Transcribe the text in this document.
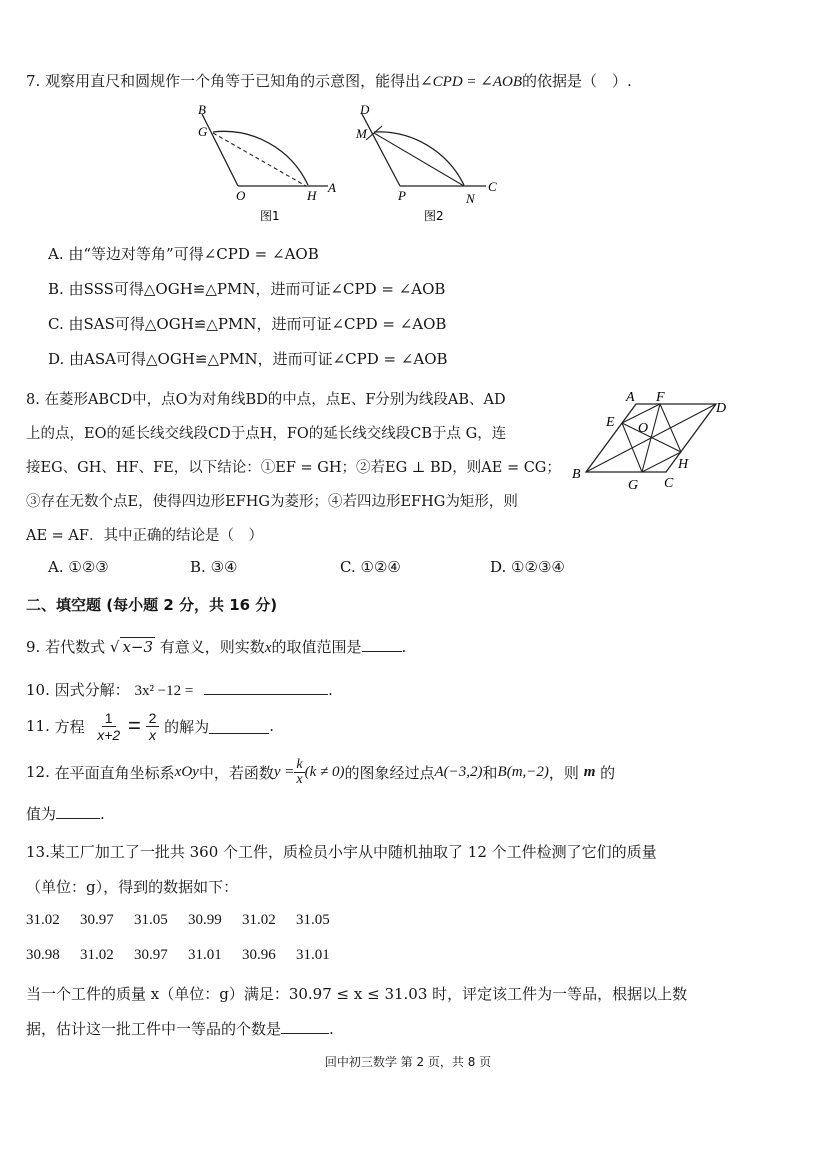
7. 观察用直尺和圆规作一个角等于已知角的示意图，能得出∠CPD = ∠AOB的依据是（　）.
B
G
O	H
A
图1
D
M
P	N
C
图2
A. 由“等边对等角”可得∠CPD = ∠AOB
B. 由SSS可得△OGH≌△PMN，进而可证∠CPD = ∠AOB
C. 由SAS可得△OGH≌△PMN，进而可证∠CPD = ∠AOB
D. 由ASA可得△OGH≌△PMN，进而可证∠CPD = ∠AOB
8. 在菱形ABCD中，点O为对角线BD的中点，点E、F分别为线段AB、AD
上的点，EO的延长线交线段CD于点H，FO的延长线交线段CB于点 G，连
接EG、GH、HF、FE，以下结论：①EF = GH；②若EG ⊥ BD，则AE = CG；
③存在无数个点E，使得四边形EFHG为菱形；④若四边形EFHG为矩形，则
AE = AF．其中正确的结论是（　）
A F
D
E O
B
H
G C
A. ①②③	B. ③④	C. ①②④	D. ①②③④
二、填空题 (每小题 2 分，共 16 分)
9. 若代数式 √ x−3 有意义，则实数x的取值范围是	.
10. 因式分解： 3x² −12 =	.
11.
方程
$\frac{1}{x+2}$
=
$\frac{2}{x}$
的解为	.
12.
在平面直角坐标系 xOy 中，若函数 $y = \frac{k}{x} (k \ne 0)$ 的图象经过点 A(−3,2) 和 B(m,−2) ，则
m
的
值为	.
13.某工厂加工了一批共 360 个工件，质检员小宇从中随机抽取了 12 个工件检测了它们的质量
（单位：g），得到的数据如下：
31.02 30.97 31.05 30.99 31.02 31.05
30.98 31.02 30.97 31.01 30.96 31.01
当一个工件的质量 x（单位：g）满足：30.97 ≤ x ≤ 31.03 时，评定该工件为一等品，根据以上数
据，估计这一批工件中一等品的个数是	.
回中初三数学 第 2 页，共 8 页
